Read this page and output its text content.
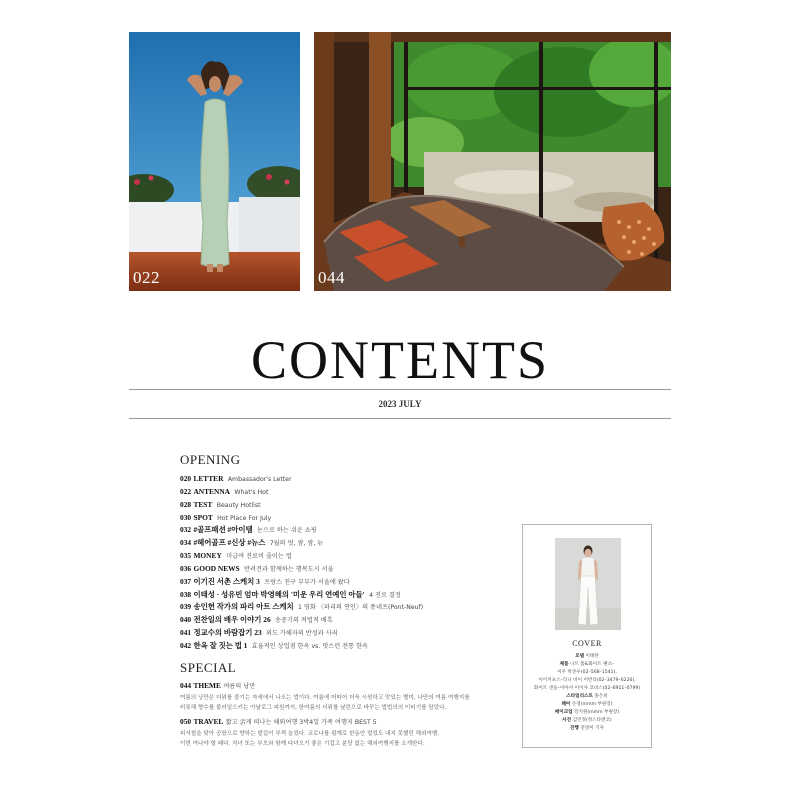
022	044
CONTENTS
2023 JULY
OPENING
020 LETTER Ambassador's Letter
022 ANTENNA What's Hot
028 TEST Beauty Hotlist
030 SPOT Hot Place For July
032 #골프패션 #아이템 눈으로 하는 쉬운 쇼핑
034 #헤어골프 #신상 #뉴스 7월의 멋, 쌈, 쌈, 뉴
035 MONEY 미급여 진료비 줄이는 법
036 GOOD NEWS 반려견과 함께하는 행복도시 서울
037 이기진 서촌 스케치 3 프랑스 친구 부부가 서울에 왔다
038 이태성 · 성유빈 엄마 박영혜의 '미운 우리 연예인 아들' 4 진로 결정
039 송인헌 작가의 파리 아트 스케치 1 영화 〈파리의 연인〉의 퐁네프(Pont-Neuf)
040 전찬일의 배우 이야기 26 송중기의 적법적 배흑
041 정교수의 바람잡기 23 외도 가해자의 반성과 사죄
042 한옥 잘 짓는 법 1 효율적인 상업점 한옥 vs. 멋스런 전통 한옥
SPECIAL
044 THEME 여름의 낭만

여름의 낭만은 더위를 즐기는 자세에서 나오는 법이다. 여름에 어떠어 더욱 시원하고 맛있는 별미, 나만의 여름 여행지를
비롯해 향수를 불러일으키는 아날로그 피원까지, 한여름의 더위를 날린으로 바꾸는 법법의의 이티기를 담았다.

050 TRAVEL 짧고 굵게 떠나는 해외여행 3박4일 가족 여행지 BEST 5

피서철을 맞아 공항으로 향하는 발길이 부쩍 늘었다. 코로나를 펌계로 한동안 멀었도 내지 못했던 해외여행,
이번 여나야 할 때다. 처녀 또는 부모와 함께 다녀오기 좋은 기겁고 분당 없는 해외여행지를 소개한다.

COVER
모델 이태란
제품 니트 톱&화이트 팬츠–
이우 박준우(02–568–1541),
이어커프스–티니 바이 어반티(02–3479–6226),
화이트 샌들–이아샤 이이샤 코비스(02–6911–0799)
스타일리스트 홍은희
헤어 손영(mmm 부원장)
메이크업 강지원(mmm 부원장)
사진 김민정(정스타앤코)
진행 전영미 기자
